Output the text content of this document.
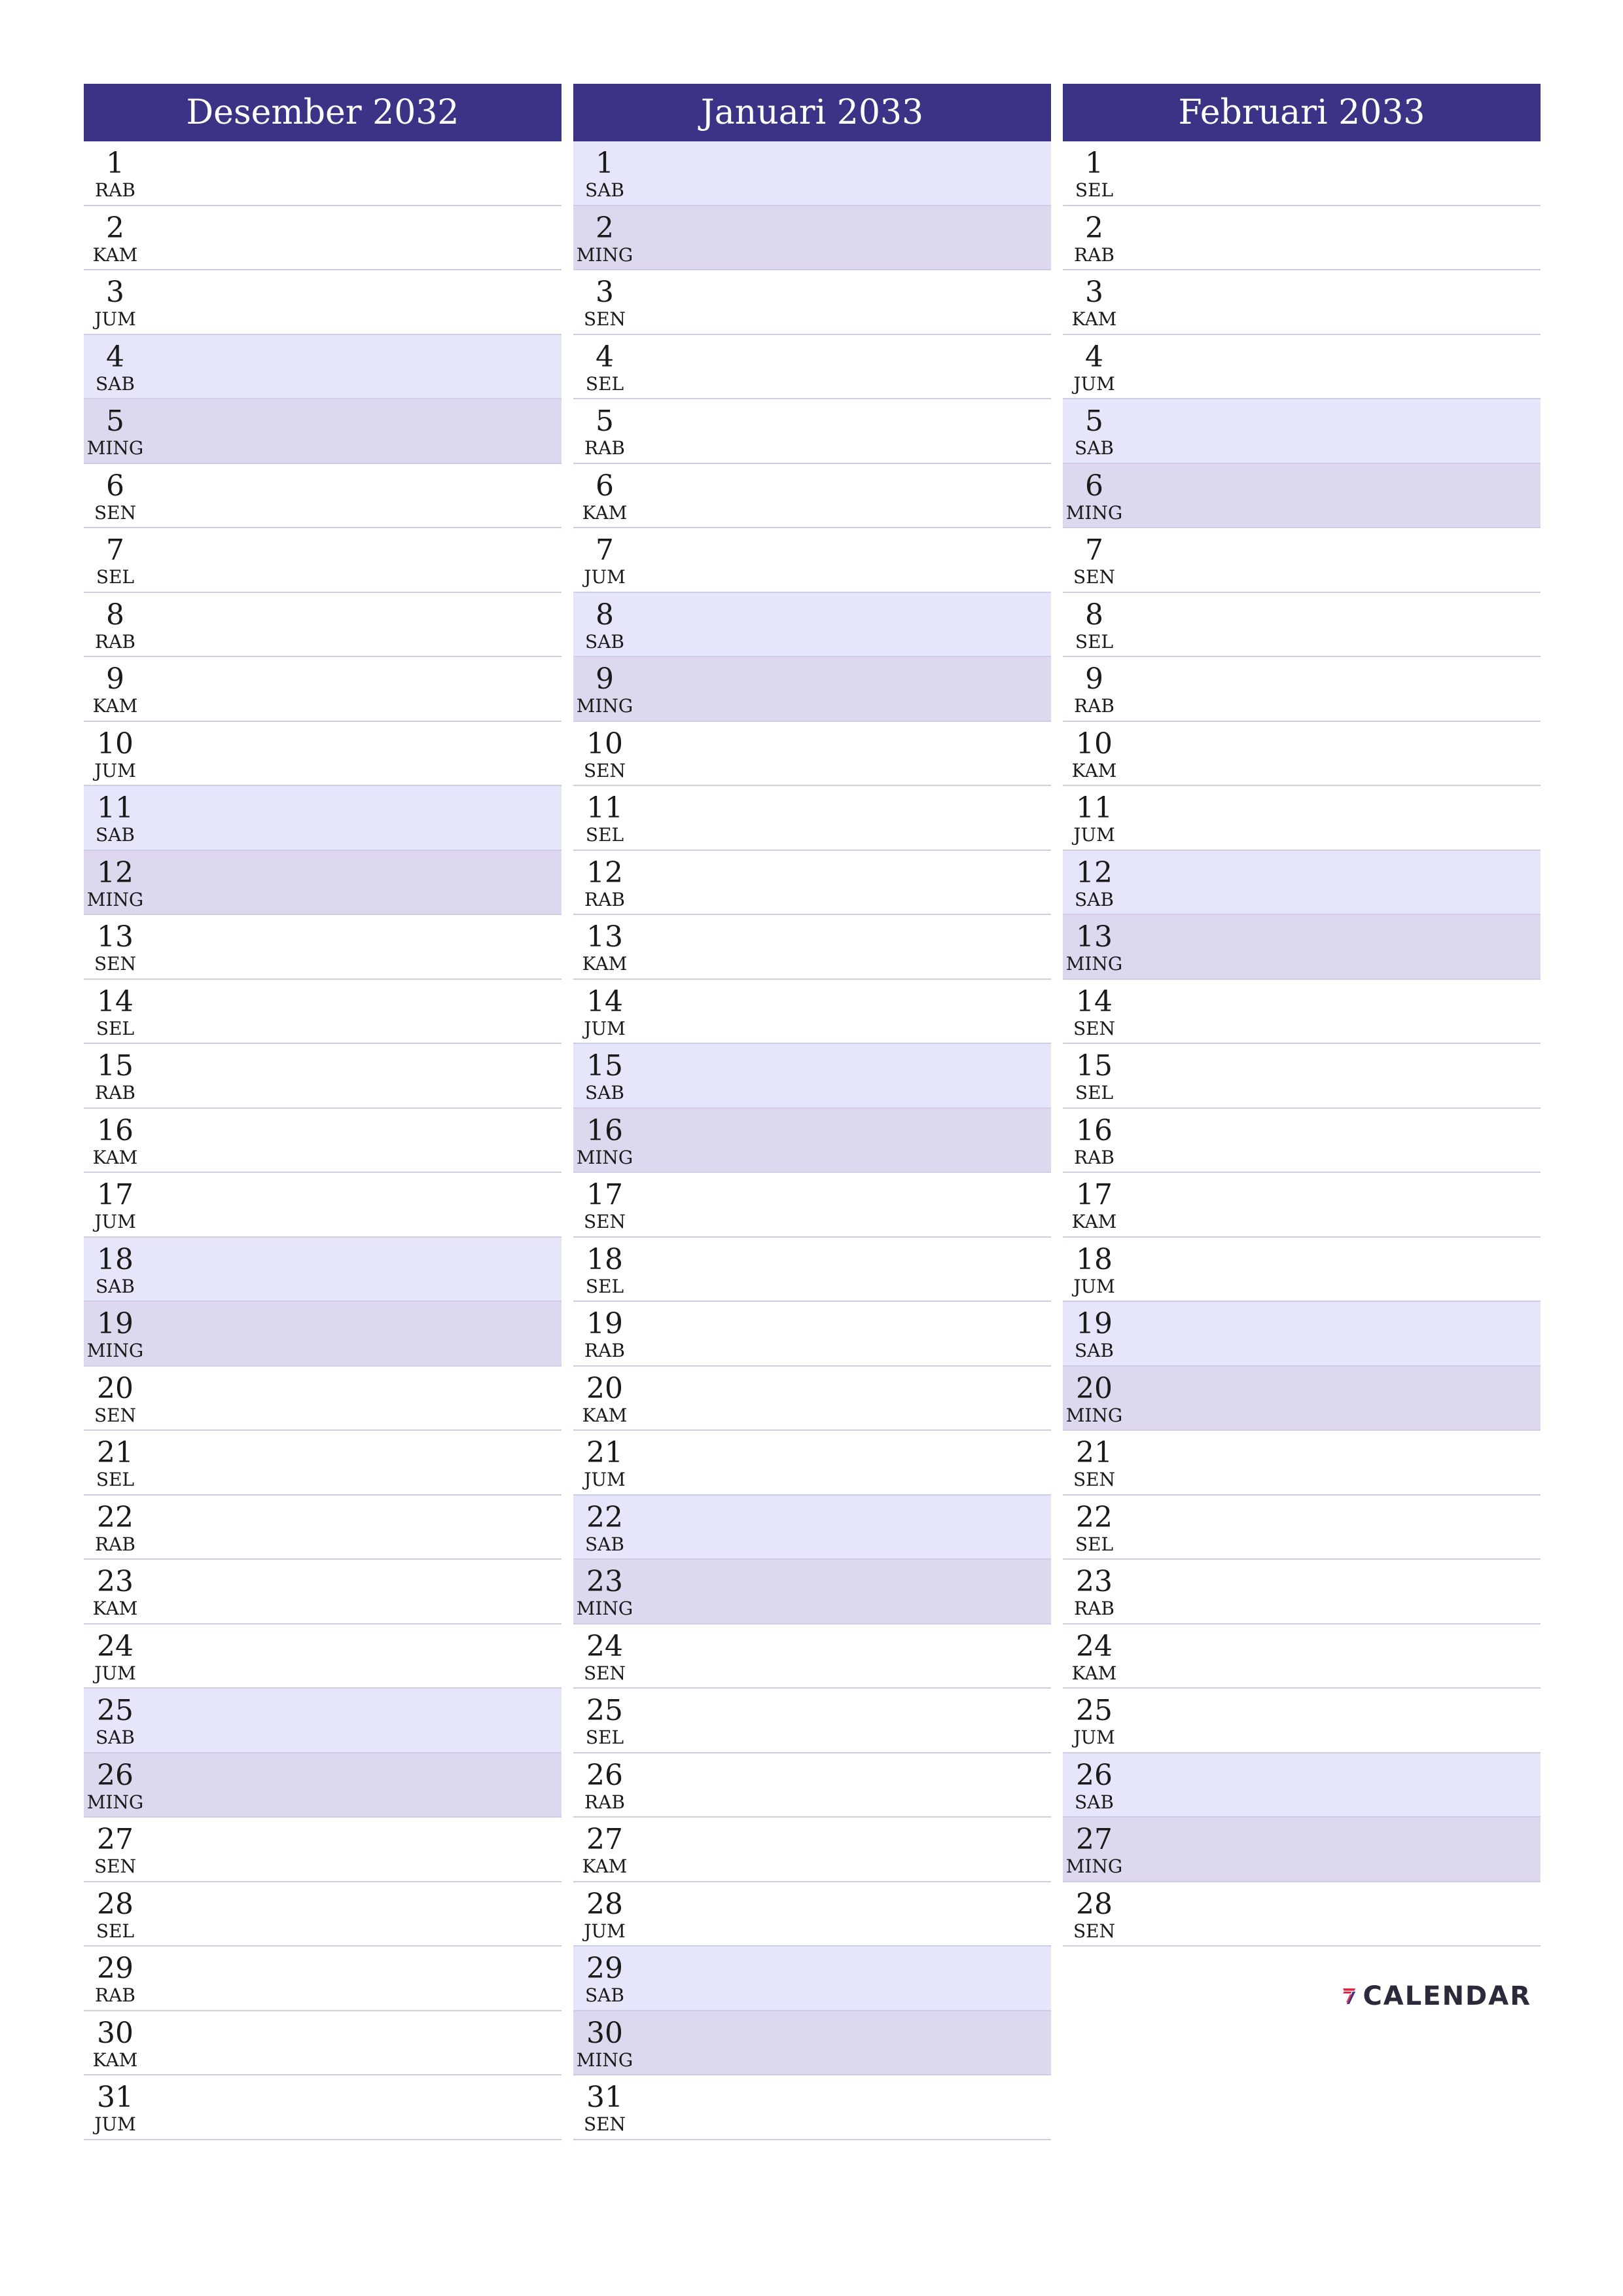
Desember 2032
1
RAB
2
KAM
3
JUM
4
SAB
5
MING
6
SEN
7
SEL
8
RAB
9
KAM
10
JUM
11
SAB
12
MING
13
SEN
14
SEL
15
RAB
16
KAM
17
JUM
18
SAB
19
MING
20
SEN
21
SEL
22
RAB
23
KAM
24
JUM
25
SAB
26
MING
27
SEN
28
SEL
29
RAB
30
KAM
31
JUM
Januari 2033
1
SAB
2
MING
3
SEN
4
SEL
5
RAB
6
KAM
7
JUM
8
SAB
9
MING
10
SEN
11
SEL
12
RAB
13
KAM
14
JUM
15
SAB
16
MING
17
SEN
18
SEL
19
RAB
20
KAM
21
JUM
22
SAB
23
MING
24
SEN
25
SEL
26
RAB
27
KAM
28
JUM
29
SAB
30
MING
31
SEN
Februari 2033
1
SEL
2
RAB
3
KAM
4
JUM
5
SAB
6
MING
7
SEN
8
SEL
9
RAB
10
KAM
11
JUM
12
SAB
13
MING
14
SEN
15
SEL
16
RAB
17
KAM
18
JUM
19
SAB
20
MING
21
SEN
22
SEL
23
RAB
24
KAM
25
JUM
26
SAB
27
MING
28
SEN
CALENDAR
